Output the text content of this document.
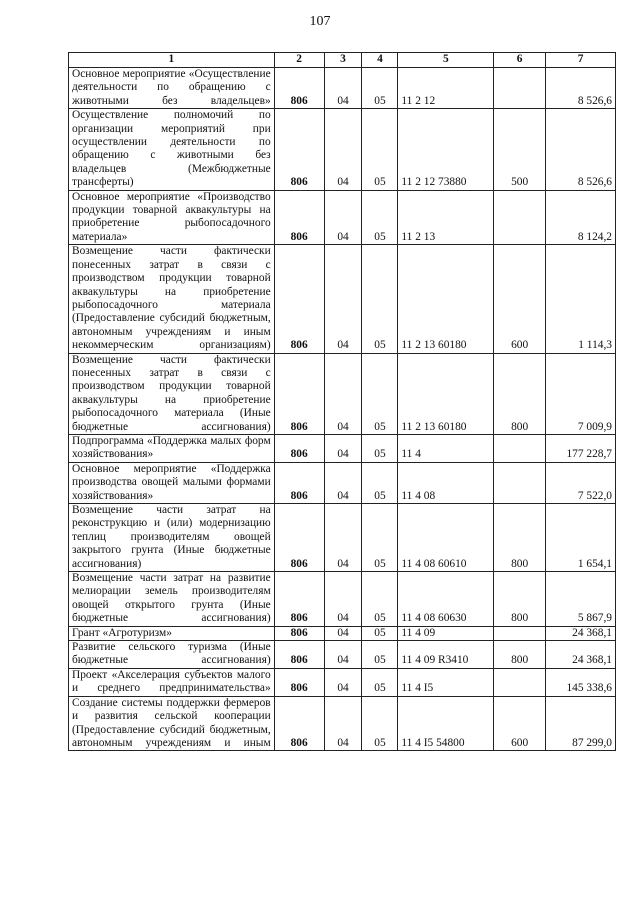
107
1	2	3	4	5	6	7
Основное мероприятие «Осуществление деятельности по обращению с животными без владельцев»	806	04	05	11 2 12		8 526,6
Осуществление полномочий по организации мероприятий при осуществлении деятельности по обращению с животными без владельцев (Межбюджетные трансферты)	806	04	05	11 2 12 73880	500	8 526,6
Основное мероприятие «Производство продукции товарной аквакультуры на приобретение рыбопосадочного материала»	806	04	05	11 2 13		8 124,2
Возмещение части фактически понесенных затрат в связи с производством продукции товарной аквакультуры на приобретение рыбопосадочного материала (Предоставление субсидий бюджетным, автономным учреждениям и иным некоммерческим организациям)	806	04	05	11 2 13 60180	600	1 114,3
Возмещение части фактически понесенных затрат в связи с производством продукции товарной аквакультуры на приобретение рыбопосадочного материала (Иные бюджетные ассигнования)	806	04	05	11 2 13 60180	800	7 009,9
Подпрограмма «Поддержка малых форм хозяйствования»	806	04	05	11 4		177 228,7
Основное мероприятие «Поддержка производства овощей малыми формами хозяйствования»	806	04	05	11 4 08		7 522,0
Возмещение части затрат на реконструкцию и (или) модернизацию теплиц производителям овощей закрытого грунта (Иные бюджетные ассигнования)	806	04	05	11 4 08 60610	800	1 654,1
Возмещение части затрат на развитие мелиорации земель производителям овощей открытого грунта (Иные бюджетные ассигнования)	806	04	05	11 4 08 60630	800	5 867,9
Грант «Агротуризм»	806	04	05	11 4 09		24 368,1
Развитие сельского туризма (Иные бюджетные ассигнования)	806	04	05	11 4 09 R3410	800	24 368,1
Проект «Акселерация субъектов малого и среднего предпринимательства»	806	04	05	11 4 I5		145 338,6
Создание системы поддержки фермеров и развития сельской кооперации (Предоставление субсидий бюджетным, автономным учреждениям и иным	806	04	05	11 4 I5 54800	600	87 299,0
